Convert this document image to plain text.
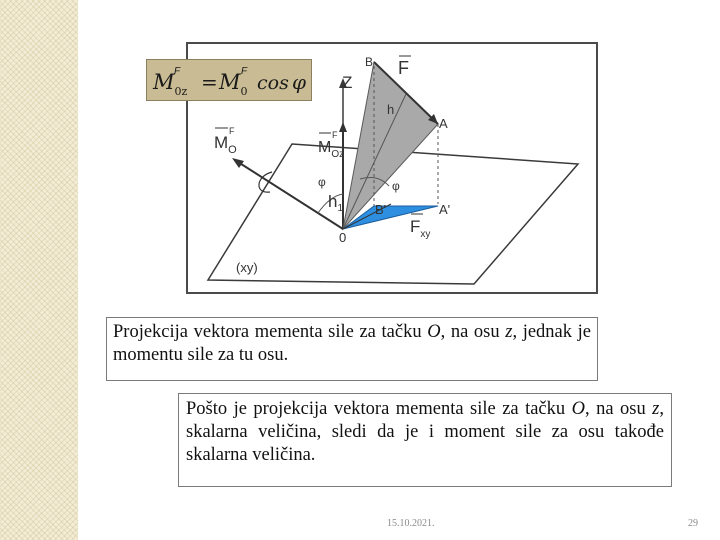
Z
B F
h
A
$M_O$
F
$M_{Oz}$
F
φ	φ
$h_1$ B'	A'
$F_{xy}$
0
(xy)
$M_{0z}$
$F = M_0$
F
cos φ
Projekcija vektora mementa sile za tačku O, na osu z, jednak je momentu sile za tu osu.
Pošto je projekcija vektora mementa sile za tačku O, na osu z, skalarna veličina, sledi da je i moment sile za osu takođe skalarna veličina.
15.10.2021.	29
